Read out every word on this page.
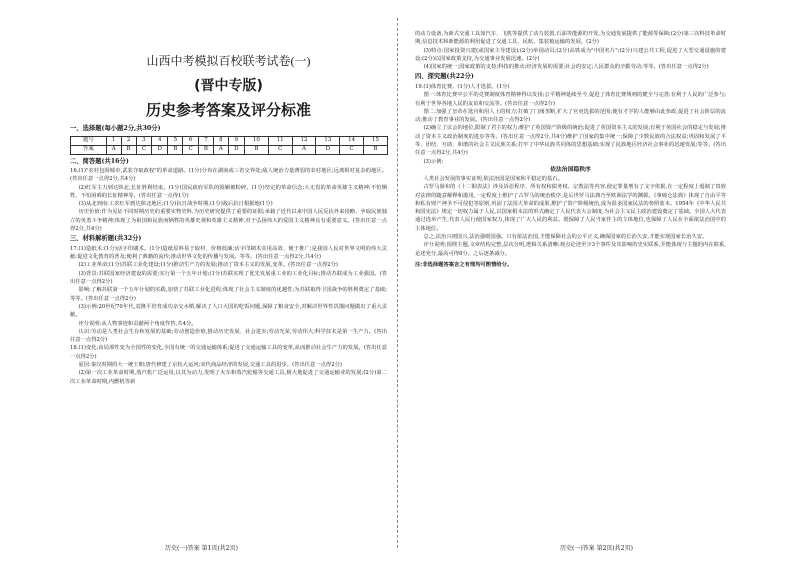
山西中考模拟百校联考试卷(一)
(晋中专版)
历史参考答案及评分标准
一、选择题(每小题2分,共30分)
题号	1	2	3	4	5	6	7	8	9	10	11	12	13	14	15
答案	A	B	C	D	B	C	B	A	D	B	C	A	D	C	B
二、简答题(共16分)

16.(1)"农村包围城市,武装夺取政权"的革命道路。(1分)分布在湖南或三省交界处;敌人统治力量薄弱的农村地区;远离相对复杂的地区。(答出任意一点得2分,共4分)

(2)红军主力到达陕北,长征胜利结束。(1分)国民政府军队的围剿被粉碎。(1分)坚定的革命信念;大无畏的革命英雄主义精神;不怕牺牲、不怕困难的长征精神等。(答出任意一点得1分)

(3)从北到南:工农红军到达陕北地区;(1分)抗日战争时期,(1分)敌后抗日根据地(1分)

历史价值:作为见证不同时期历史的重要实物史料,为历史研究提供了重要的证据;承载了近代以来中国人民反抗外来侵略、争取民族独立的英勇斗争精神;体现了为祖国和民族而牺牲的英雄史观和英雄主义精神,对于弘扬伟大的爱国主义精神具有重要意义。(答出任意一点得2分,共4分)

三、材料解析题(共32分)

17.(1)造纸术:(1分)活字印刷术。(1分)造纸原料易于取材、价格低廉;活字印刷术实用高效、便于推广;是我国人民对世界文明的伟大贡献;促进文化教育的普及;便利了典籍的流传;推动世界文化的传播与发展。等等。(答出任意一点得2分,共4分)

(2)工业革命;(1分)苏联工业化建设;(1分)推动生产力的发展;推动了资本主义的发展,变革。(答出任意一点得2分)

(3)背景:苏联国家经济建设的需要;实行第一个五年计划;(1分)苏联实现了优先发展重工业的工业化目标;推动苏联成为工业强国。(答出任意一点得2分)

影响:了解苏联第一个五年计划的实践,加快了苏联工业化进程;体现了社会主义制度的优越性;为苏联取得卫国战争的胜利奠定了基础;等等。(答出任意一点得2分)

(3)示例:20世纪70年代,袁隆平培育成功杂交水稻,解决了人口大国的吃饭问题,保障了粮食安全,对解决世界性饥饿问题做出了重大贡献。

评分说明:从人物事迹和贡献两个角度作答,共4分。

认识:劳动是人类社会生存和发展的基础;劳动创造价值,推动历史发展、社会进步;劳动光荣,劳动伟大;科学技术是第一生产力。(答出任意一点得2分)

18.(1)变化:由局部性变为全国性的变化,全国有统一的交通运输体系;促进了交通运输工具的变革,从而推动社会生产力的发展。(答出任意一点得2分)

原因:秦汉时期的大一统王朝;唐代修建了京杭大运河;宋代商品经济的发展,交通工具的进步。(答出任意一点得2分)

(2)第一次工业革命时期,蒸汽机广泛运用,以其为动力,发明了火车和蒸汽轮船等交通工具,极大地促进了交通运输业的发展;(2分)第二次工业革命时期,内燃机等新

的动力设备,为新式交通工具如汽车、飞机等提供了动力装置,石油等能源的开发,为交通发展提供了能源等保障;(2分)第三次科技革命时期,信息技术和新能源的利用促进了交通工具、民航、集装箱运输的发展。(2分)

(3)特点:国家投资兴建(或国家主导建设);(2分)举国动员;(2分)高铁成为"中国名片";(2分)兴建公共工程,促进了大型交通设施的建设;(2分)以国家政策支持,为交通事业发展迅速。(2分)

(4)国家的统一;国家政策的支持;科技的推动;经济发展的需要;社会的安定;人民群众的辛勤劳动;等等。(答出任意一点得2分)

四、探究题(共22分)

19.(1)体育比赛。(1分)人才选拔。(1分)

图一:体育比赛中公平的竞赛制度体育精神得以发扬;公平精神延续至今,促进了体育比赛规则的健全与完善;有利于人民的广泛参与;有利于世界各地人民的友谊和交流等。(答出任意一点得2分)

图二:加强了皇帝在选官和用人上的权力;打破了门阀垄断,扩大了官吏选拔的范围;使有才学的人能够由此参政,促进了社会阶层的流动;推动了教育事业的发展。(答出任意一点得2分)

(2)确立了议会的地位,限制了君主的权力;维护了英国资产阶级的统治;促进了英国资本主义的发展;有利于英国社会的稳定与发展;推动了资本主义政治制度的进步等等。(答出任意一点得2分,共4分)维护了国家的集中统一;保障了少数民族的合法权益;巩固和发展了平等、团结、互助、和谐的社会主义民族关系;打牢了中华民族共同体的思想基础;实现了民族地区经济社会事业的迅速发展;等等。(答出任意一点得2分,共4分)

(3)示例:

依法治国稳秩序

人类社会发展的事实证明,依法治国是国家和平稳定的基石。

古罗马颁布的《十二铜表法》涉及诉讼程序、所有权和债务权、宗教法等内容,使定罪量刑有了文字依据,在一定程度上遏制了贵族对法律的随意解释和滥用,一定程度上维护了古罗马的统治秩序,是后世罗马法典乃至欧洲法学的渊源。《拿破仑法典》体现了自由平等和私有财产神圣不可侵犯等原则,巩固了法国大革命的成果,维护了资产阶级统治,成为很多国家民法的参照蓝本。1954年《中华人民共和国宪法》规定一切权力属于人民,以国家根本法的形式确定了人民代表大会制度,为社会主义民主政治建设奠定了基础。全国人大代表通过选举产生,代表人民行使国家权力,体现了广大人民的利益。既保障了人民当家作主的主体地位,也保障了人民在全面依法治国中的主体地位。

总之,法治兴则国兴,法治强则国强。只有依法治国,才能保障社会的公平正义,确保国家的长治久安,才能实现国家长治久安。

评分说明:围绕主题,文章结构完整,层次分明,逻辑关系清晰;观点论述至少3个事件及其影响的史实联系,并能体现与主题的内在联系,论述充分,最高可得8分。之后逐条减分。

注:非选择题答案言之有理均可酌情给分。

历史(一)答案 第1页(共2页)	历史(一)答案 第2页(共2页)
